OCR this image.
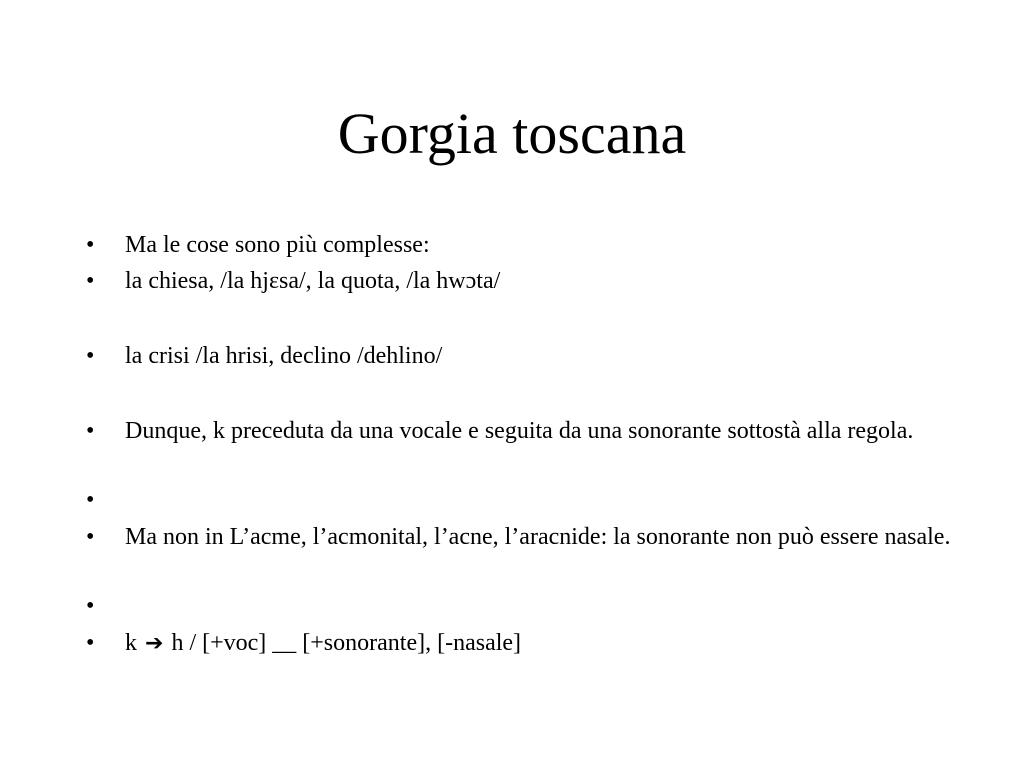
Gorgia toscana
• Ma le cose sono più complesse:
• la chiesa, /la hjɛsa/, la quota, /la hwɔta/
• la crisi /la hrisi, declino /dehlino/
• Dunque, k preceduta da una vocale e seguita da una sonorante sottostà alla regola.
•
• Ma non in L’acme, l’acmonital, l’acne, l’aracnide: la sonorante non può essere nasale.
•
• k ➔ h / [+voc] __ [+sonorante], [-nasale]
